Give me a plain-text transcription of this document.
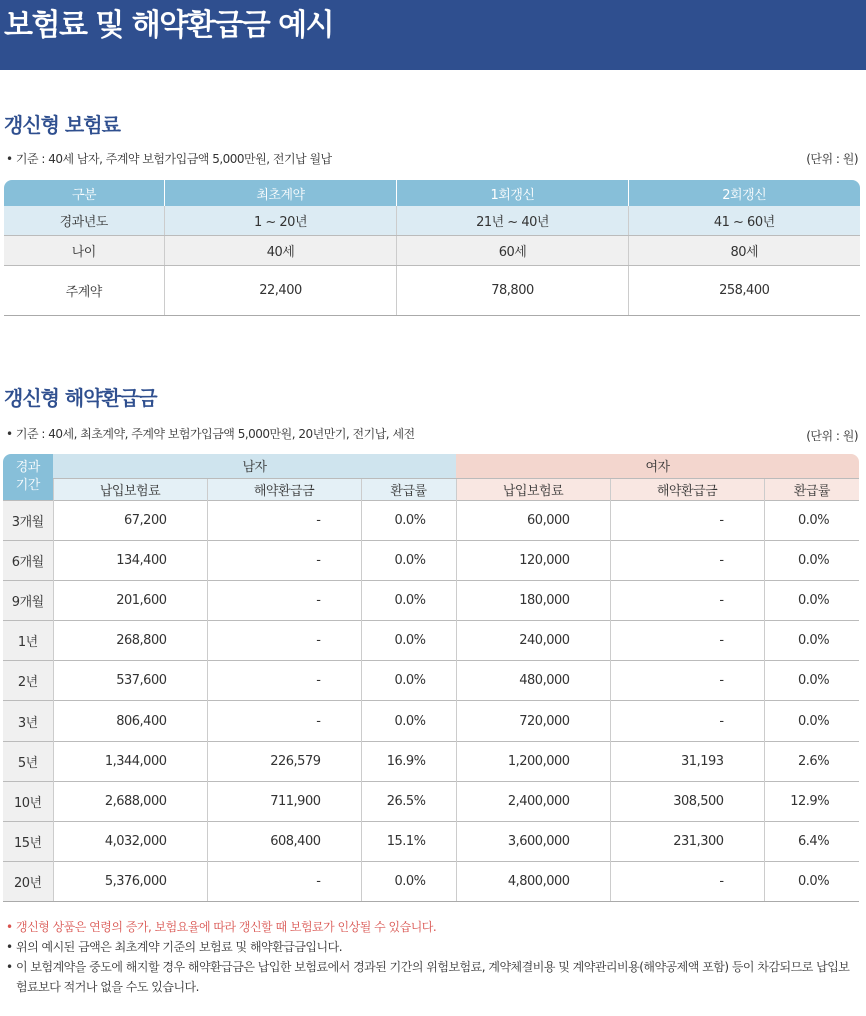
보험료 및 해약환급금 예시
갱신형 보험료
• 기준 : 40세 남자, 주계약 보험가입금액 5,000만원, 전기납 월납	(단위 : 원)
구분	최초계약	1회갱신	2회갱신
경과년도	1 ~ 20년	21년 ~ 40년	41 ~ 60년
나이	40세	60세	80세
주계약	22,400	78,800	258,400
갱신형 해약환급금
• 기준 : 40세, 최초계약, 주계약 보험가입금액 5,000만원, 20년만기, 전기납, 세전	(단위 : 원)
경과
기간	남자			여자		
	납입보험료	해약환급금	환급률	납입보험료	해약환급금	환급률
3개월	67,200	-	0.0%	60,000	-	0.0%
6개월	134,400	-	0.0%	120,000	-	0.0%
9개월	201,600	-	0.0%	180,000	-	0.0%
1년	268,800	-	0.0%	240,000	-	0.0%
2년	537,600	-	0.0%	480,000	-	0.0%
3년	806,400	-	0.0%	720,000	-	0.0%
5년	1,344,000	226,579	16.9%	1,200,000	31,193	2.6%
10년	2,688,000	711,900	26.5%	2,400,000	308,500	12.9%
15년	4,032,000	608,400	15.1%	3,600,000	231,300	6.4%
20년	5,376,000	-	0.0%	4,800,000	-	0.0%
• 갱신형 상품은 연령의 증가, 보험요율에 따라 갱신할 때 보험료가 인상될 수 있습니다.
• 위의 예시된 금액은 최초계약 기준의 보험료 및 해약환급금입니다.
• 이 보험계약을 중도에 해지할 경우 해약환급금은 납입한 보험료에서 경과된 기간의 위험보험료, 계약체결비용 및 계약관리비용(해약공제액 포함) 등이 차감되므로 납입보험료보다 적거나 없을 수도 있습니다.
